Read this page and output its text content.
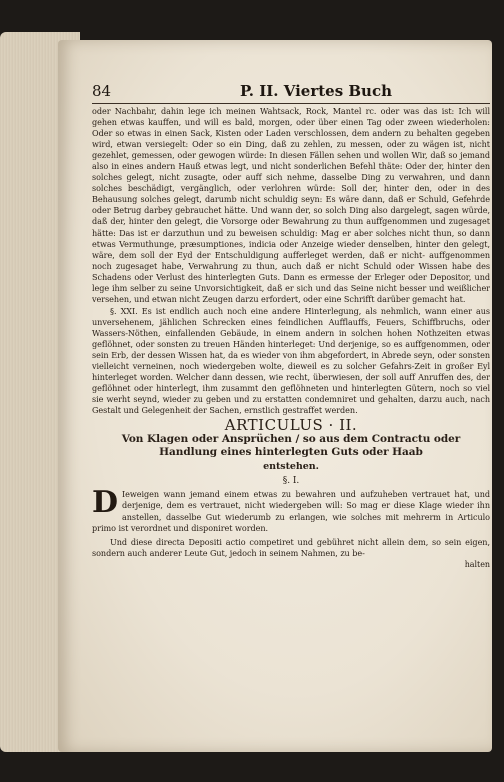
84	P. II. Viertes Buch

oder Nachbahr, dahin lege ich meinen Wahtsack, Rock, Mantel rc. oder was das ist: Ich will gehen etwas kauffen, und will es bald, morgen, oder über einen Tag oder zween wiederholen: Oder so etwas in einen Sack, Kisten oder Laden verschlossen, dem andern zu behalten gegeben wird, etwan versiegelt: Oder so ein Ding, daß zu zehlen, zu messen, oder zu wägen ist, nicht gezehlet, gemessen, oder gewogen würde: In diesen Fällen sehen und wollen Wir, daß so jemand also in eines andern Hauß etwas legt, und nicht sonderlichen Befehl thäte: Oder der, hinter den solches gelegt, nicht zusagte, oder auff sich nehme, dasselbe Ding zu verwahren, und dann solches beschädigt, vergänglich, oder verlohren würde: Soll der, hinter den, oder in des Behausung solches gelegt, darumb nicht schuldig seyn: Es wäre dann, daß er Schuld, Gefehrde oder Betrug darbey gebrauchet hätte. Und wann der, so solch Ding also dargelegt, sagen würde, daß der, hinter den gelegt, die Vorsorge oder Bewahrung zu thun auffgenommen und zugesaget hätte: Das ist er darzuthun und zu beweisen schuldig: Mag er aber solches nicht thun, so dann etwas Vermuthunge, præsumptiones, indicia oder Anzeige wieder denselben, hinter den gelegt, wäre, dem soll der Eyd der Entschuldigung aufferleget werden, daß er nicht- auffgenommen noch zugesaget habe, Verwahrung zu thun, auch daß er nicht Schuld oder Wissen habe des Schadens oder Verlust des hinterlegten Guts. Dann es ermesse der Erleger oder Depositor, und lege ihm selber zu seine Unvorsichtigkeit, daß er sich und das Seine nicht besser und weißlicher versehen, und etwan nicht Zeugen darzu erfordert, oder eine Schrifft darüber gemacht hat.

§. XXI. Es ist endlich auch noch eine andere Hinterlegung, als nehmlich, wann einer aus unversehenem, jählichen Schrecken eines feindlichen Aufflauffs, Feuers, Schiffbruchs, oder Wassers-Nöthen, einfallenden Gebäude, in einem andern in solchen hohen Nothzeiten etwas geflöhnet, oder sonsten zu treuen Händen hinterleget: Und derjenige, so es auffgenommen, oder sein Erb, der dessen Wissen hat, da es wieder von ihm abgefordert, in Abrede seyn, oder sonsten vielleicht verneinen, noch wiedergeben wolte, dieweil es zu solcher Gefahrs-Zeit in großer Eyl hinterleget worden. Welcher dann dessen, wie recht, überwiesen, der soll auff Anruffen des, der geflöhnet oder hinterlegt, ihm zusammt den geflöhneten und hinterlegten Gütern, noch so viel sie werht seynd, wieder zu geben und zu erstatten condemniret und gehalten, darzu auch, nach Gestalt und Gelegenheit der Sachen, ernstlich gestraffet werden.

ARTICULUS · II.
Von Klagen oder Ansprüchen / so aus dem Contractu oder Handlung eines hinterlegten Guts oder Haab
entstehen.
§. I.

D Ieweigen wann jemand einem etwas zu bewahren und aufzuheben vertrauet hat, und derjenige, dem es vertrauet, nicht wiedergeben will: So mag er diese Klage wieder ihn anstellen, dasselbe Gut wiederumb zu erlangen, wie solches mit mehrerm in Articulo primo ist verordnet und disponiret worden.

Und diese directa Depositi actio competiret und gebühret nicht allein dem, so sein eigen, sondern auch anderer Leute Gut, jedoch in seinem Nahmen, zu be-

halten
